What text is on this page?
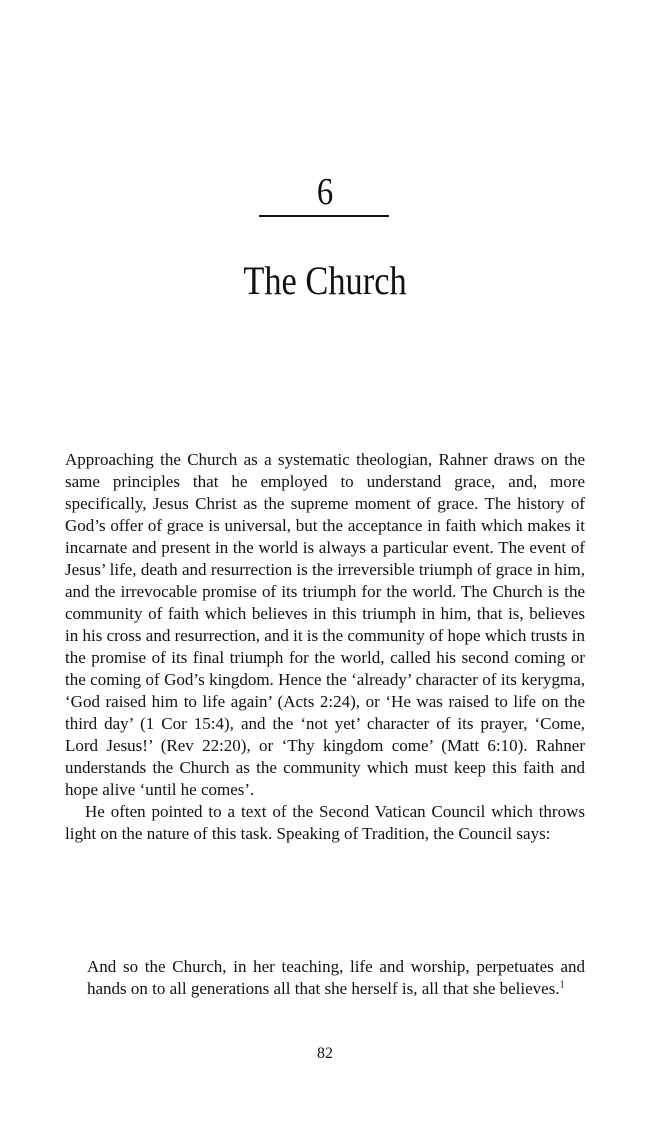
6
The Church

Approaching the Church as a systematic theologian, Rahner draws on the same principles that he employed to understand grace, and, more specifically, Jesus Christ as the supreme moment of grace. The history of God’s offer of grace is universal, but the acceptance in faith which makes it incarnate and present in the world is always a particular event. The event of Jesus’ life, death and resurrection is the irreversible triumph of grace in him, and the irrevocable promise of its triumph for the world. The Church is the community of faith which believes in this triumph in him, that is, believes in his cross and resurrection, and it is the community of hope which trusts in the promise of its final triumph for the world, called his second coming or the coming of God’s kingdom. Hence the ‘already’ character of its kerygma, ‘God raised him to life again’ (Acts 2:24), or ‘He was raised to life on the third day’ (1 Cor 15:4), and the ‘not yet’ character of its prayer, ‘Come, Lord Jesus!’ (Rev 22:20), or ‘Thy kingdom come’ (Matt 6:10). Rahner understands the Church as the community which must keep this faith and hope alive ‘until he comes’.

He often pointed to a text of the Second Vatican Council which throws light on the nature of this task. Speaking of Tradition, the Council says:

And so the Church, in her teaching, life and worship, perpetuates and hands on to all generations all that she herself is, all that she believes.$^1$
82
